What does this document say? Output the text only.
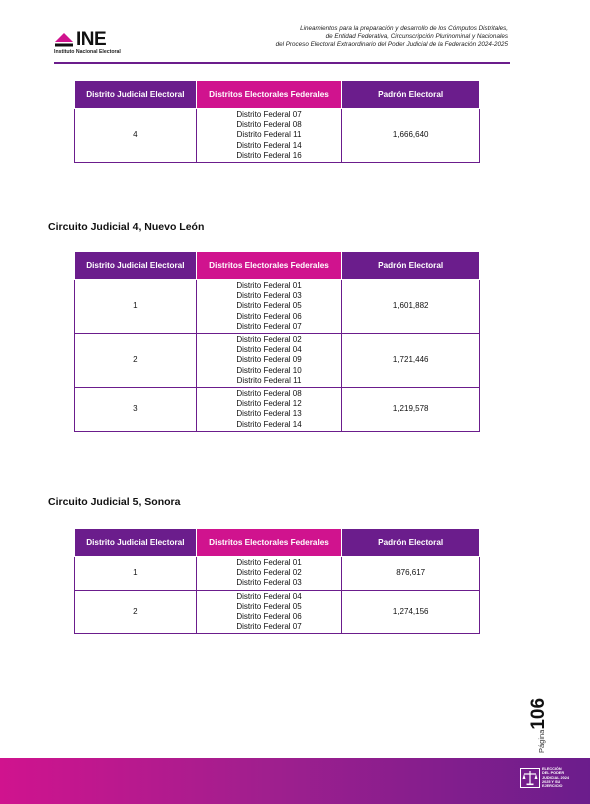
INE
Instituto Nacional Electoral
Lineamientos para la preparación y desarrollo de los Cómputos Distritales,
de Entidad Federativa, Circunscripción Plurinominal y Nacionales
del Proceso Electoral Extraordinario del Poder Judicial de la Federación 2024-2025
Distrito Judicial Electoral	Distritos Electorales Federales	Padrón Electoral
4	Distrito Federal 07
Distrito Federal 08
Distrito Federal 11
Distrito Federal 14
Distrito Federal 16	1,666,640
Circuito Judicial 4, Nuevo León
Distrito Judicial Electoral	Distritos Electorales Federales	Padrón Electoral
1	Distrito Federal 01
Distrito Federal 03
Distrito Federal 05
Distrito Federal 06
Distrito Federal 07	1,601,882
2	Distrito Federal 02
Distrito Federal 04
Distrito Federal 09
Distrito Federal 10
Distrito Federal 11	1,721,446
3	Distrito Federal 08
Distrito Federal 12
Distrito Federal 13
Distrito Federal 14	1,219,578
Circuito Judicial 5, Sonora
Distrito Judicial Electoral	Distritos Electorales Federales	Padrón Electoral
1	Distrito Federal 01
Distrito Federal 02
Distrito Federal 03	876,617
2	Distrito Federal 04
Distrito Federal 05
Distrito Federal 06
Distrito Federal 07	1,274,156
Página106
ELECCIÓN
DEL PODER
JUDICIAL 2024
2025 Y SU EJERCICIO
